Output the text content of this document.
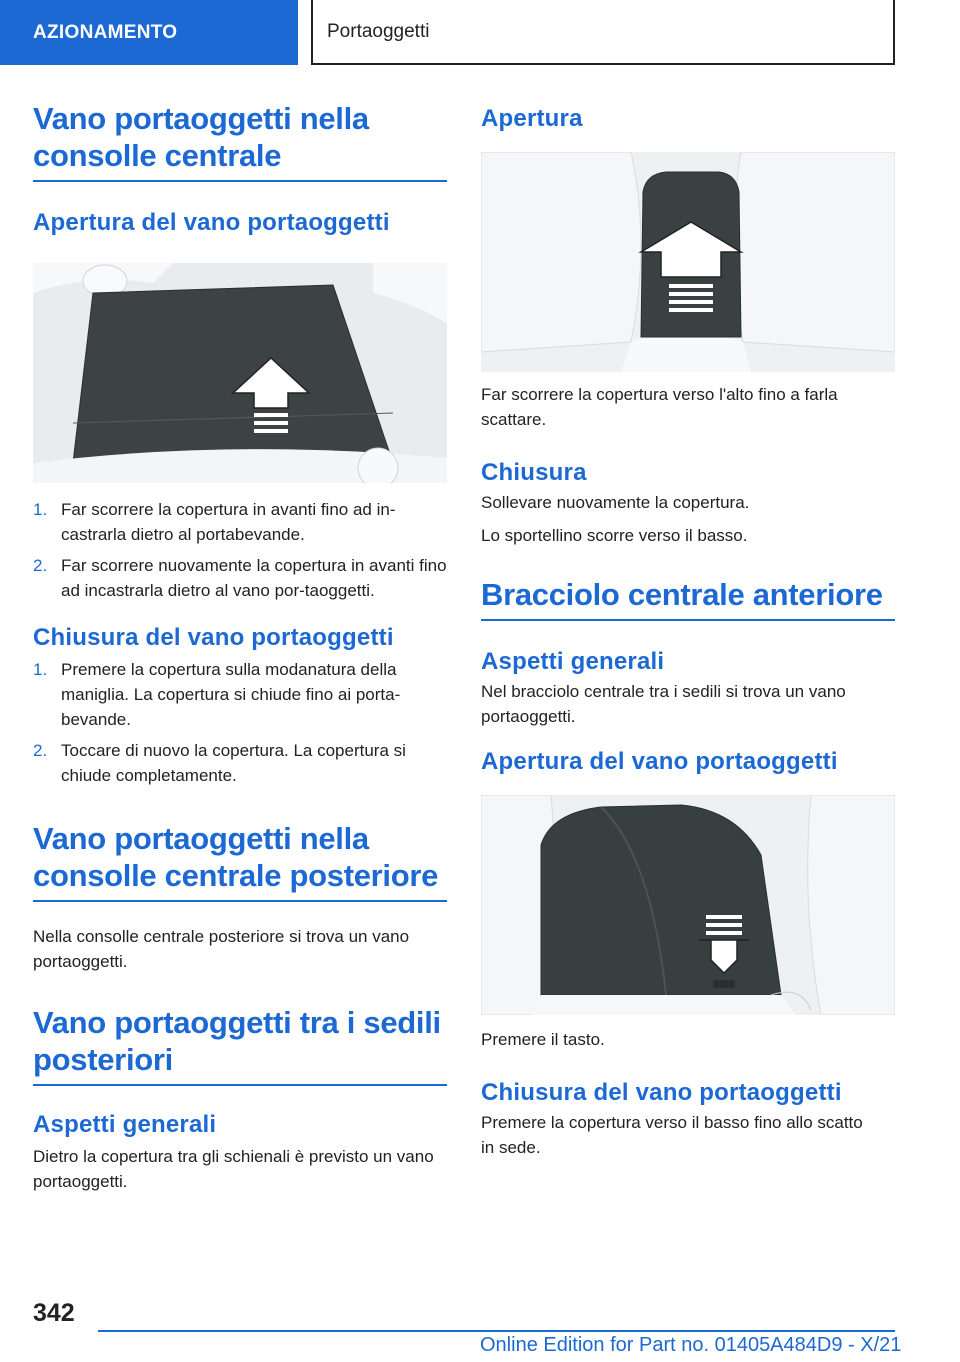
AZIONAMENTO	Portaoggetti
Vano portaoggetti nella consolle centrale
Apertura del vano portaoggetti
1. Far scorrere la copertura in avanti fino ad in-castrarla dietro al portabevande.
2. Far scorrere nuovamente la copertura in avanti fino ad incastrarla dietro al vano por-taoggetti.
Chiusura del vano portaoggetti
1. Premere la copertura sulla modanatura della maniglia. La copertura si chiude fino ai porta-bevande.
2. Toccare di nuovo la copertura. La copertura si chiude completamente.
Vano portaoggetti nella consolle centrale posteriore

Nella consolle centrale posteriore si trova un vano portaoggetti.

Vano portaoggetti tra i sedili posteriori
Aspetti generali

Dietro la copertura tra gli schienali è previsto un vano portaoggetti.

Apertura

Far scorrere la copertura verso l'alto fino a farla scattare.

Chiusura

Sollevare nuovamente la copertura.

Lo sportellino scorre verso il basso.

Bracciolo centrale anteriore
Aspetti generali

Nel bracciolo centrale tra i sedili si trova un vano portaoggetti.

Apertura del vano portaoggetti

Premere il tasto.

Chiusura del vano portaoggetti

Premere la copertura verso il basso fino allo scatto in sede.

342
Online Edition for Part no. 01405A484D9 - X/21
